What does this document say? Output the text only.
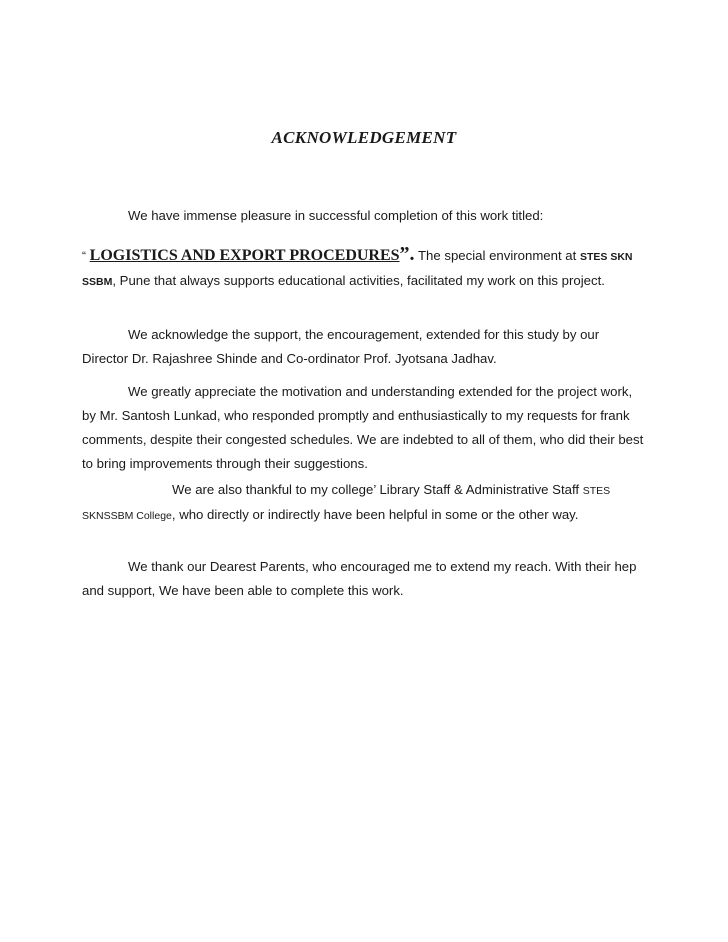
ACKNOWLEDGEMENT

We have immense pleasure in successful completion of this work titled:

“ LOGISTICS AND EXPORT PROCEDURES”. The special environment at STES SKN SSBM, Pune that always supports educational activities, facilitated my work on this project.

We acknowledge the support, the encouragement, extended for this study by our Director Dr. Rajashree Shinde and Co-ordinator Prof. Jyotsana Jadhav.

We greatly appreciate the motivation and understanding extended for the project work, by Mr. Santosh Lunkad, who responded promptly and enthusiastically to my requests for frank comments, despite their congested schedules. We are indebted to all of them, who did their best to bring improvements through their suggestions.

We are also thankful to my college’ Library Staff & Administrative Staff STES SKNSSBM College, who directly or indirectly have been helpful in some or the other way.

We thank our Dearest Parents, who encouraged me to extend my reach. With their hep and support, We have been able to complete this work.
